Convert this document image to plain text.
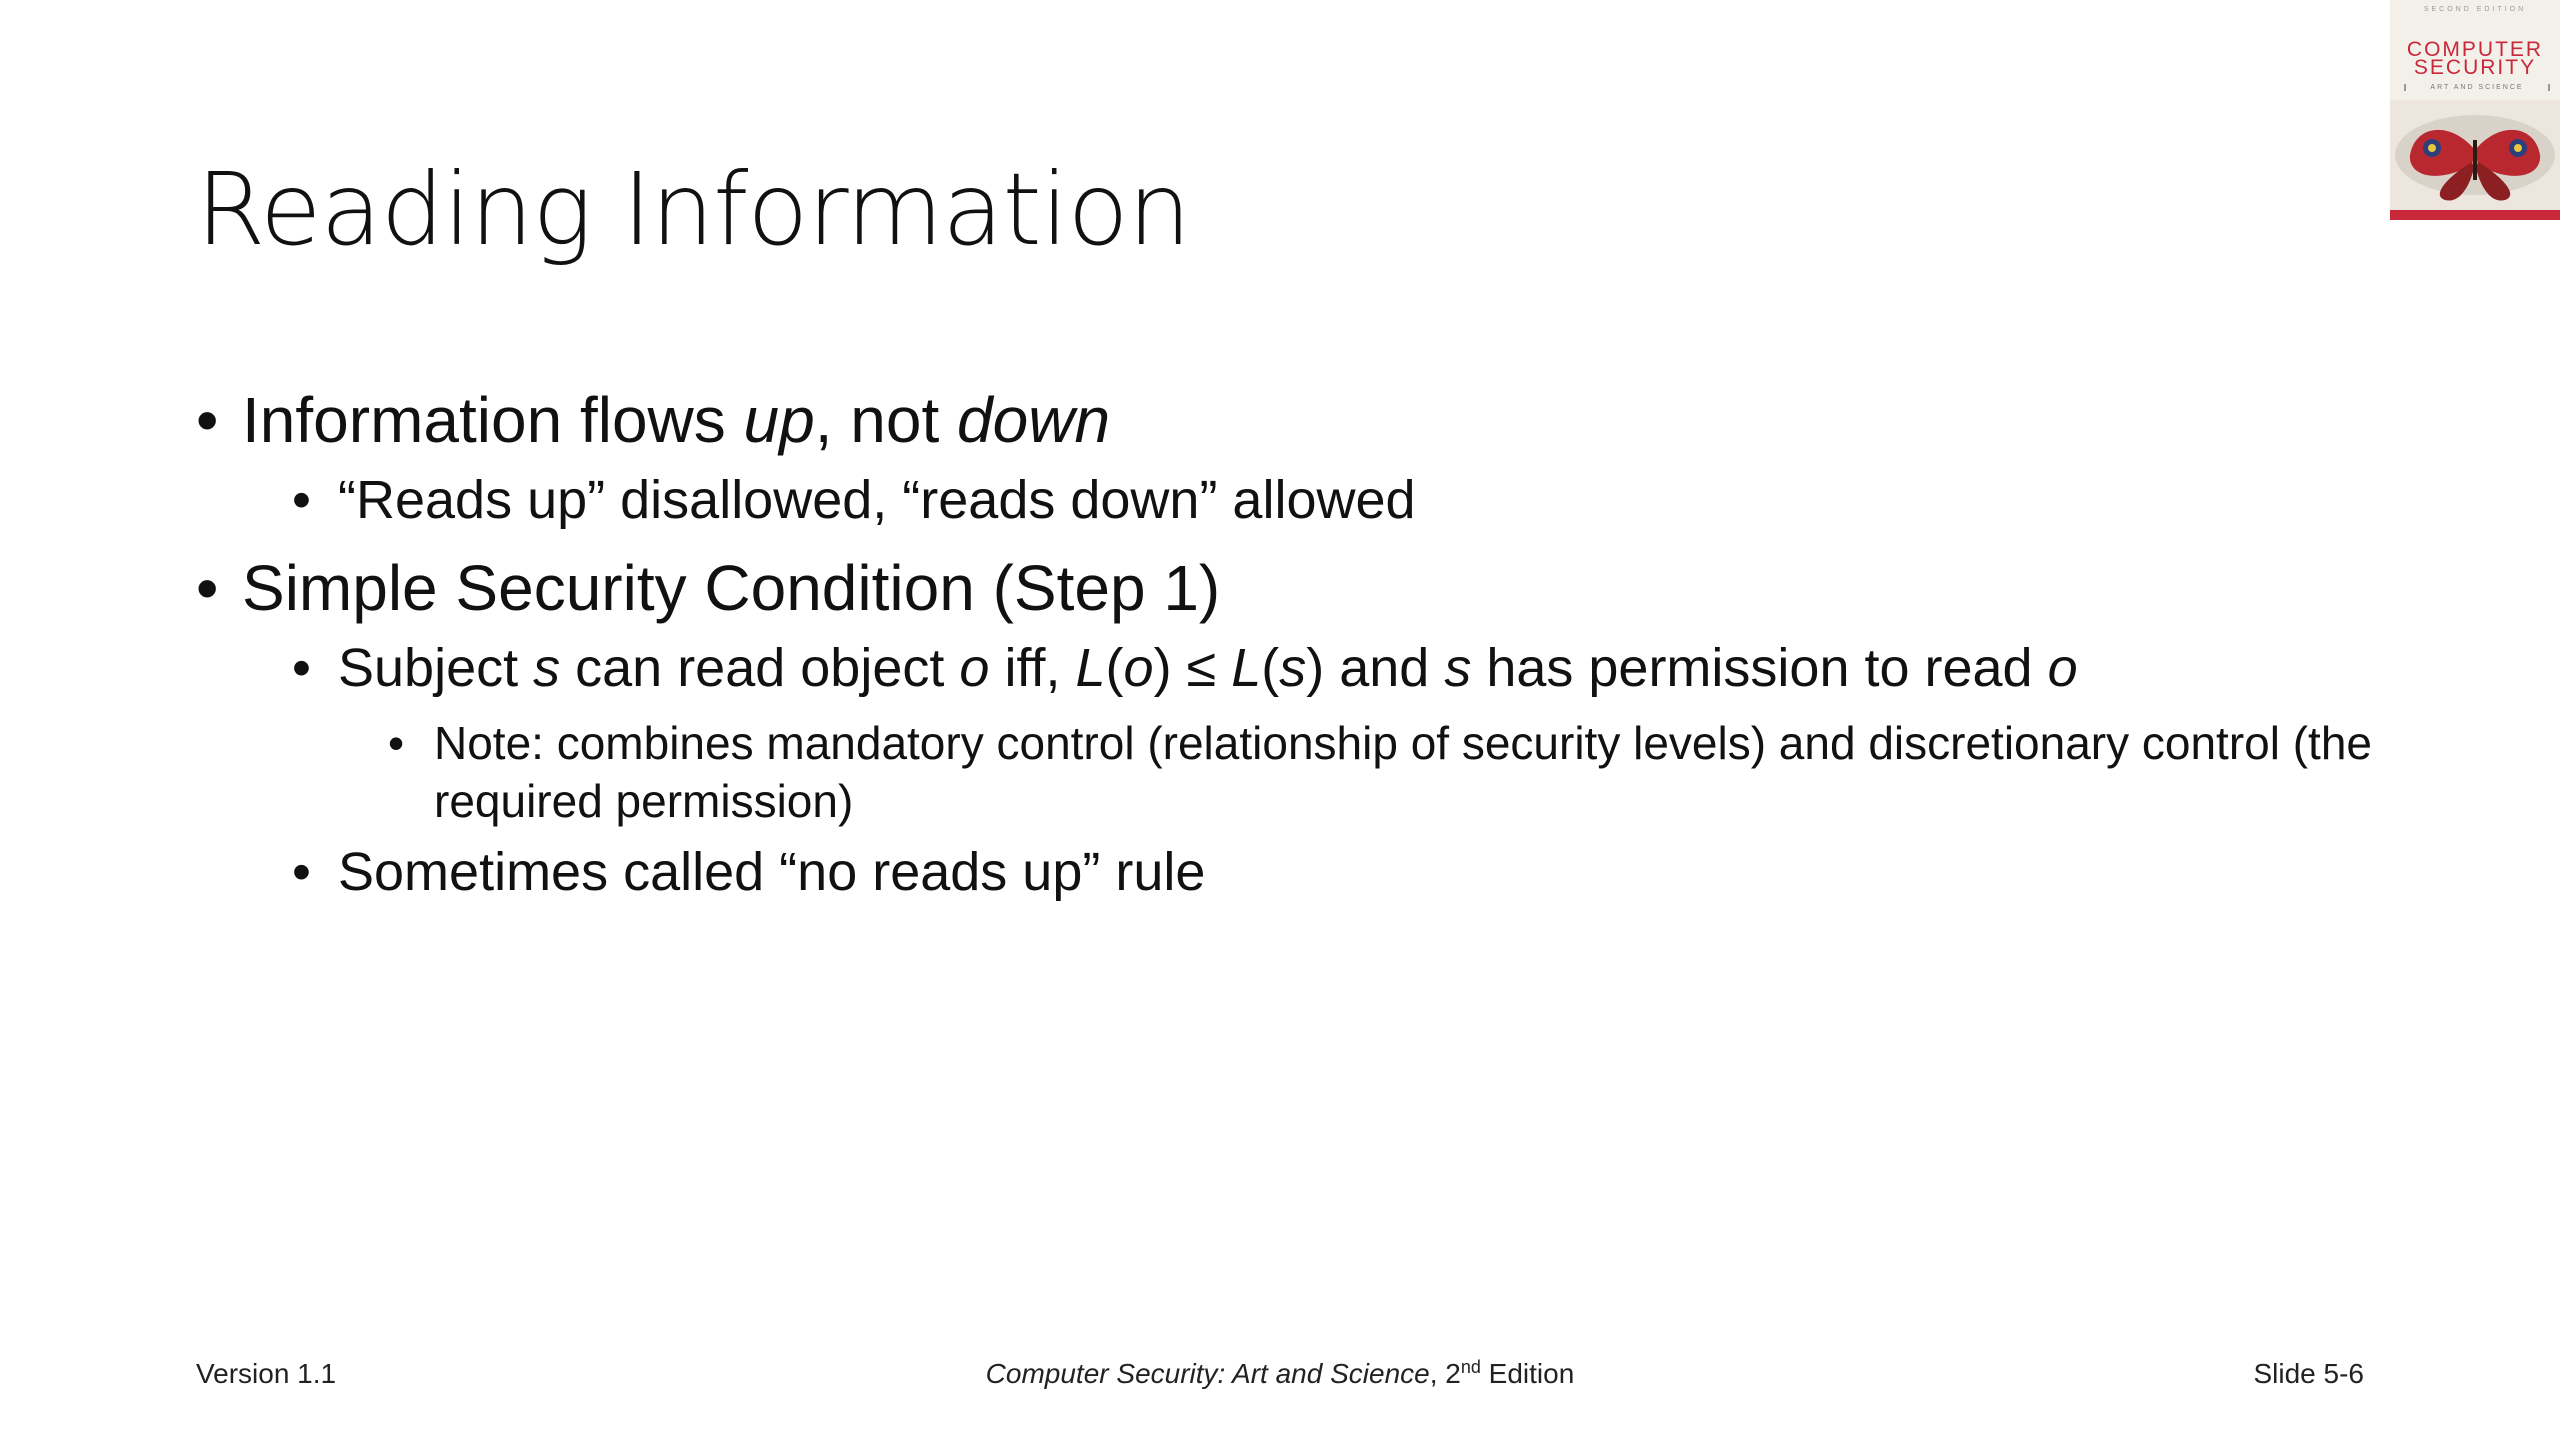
Reading Information
• Information flows up, not down
• “Reads up” disallowed, “reads down” allowed
• Simple Security Condition (Step 1)
• Subject s can read object o iff, L(o) ≤ L(s) and s has permission to read o
• Note: combines mandatory control (relationship of security levels) and discretionary control (the required permission)
• Sometimes called “no reads up” rule
SECOND EDITION
COMPUTER
SECURITY
ART AND SCIENCE
Version 1.1	Computer Security: Art and Science, 2nd Edition	Slide 5-6
